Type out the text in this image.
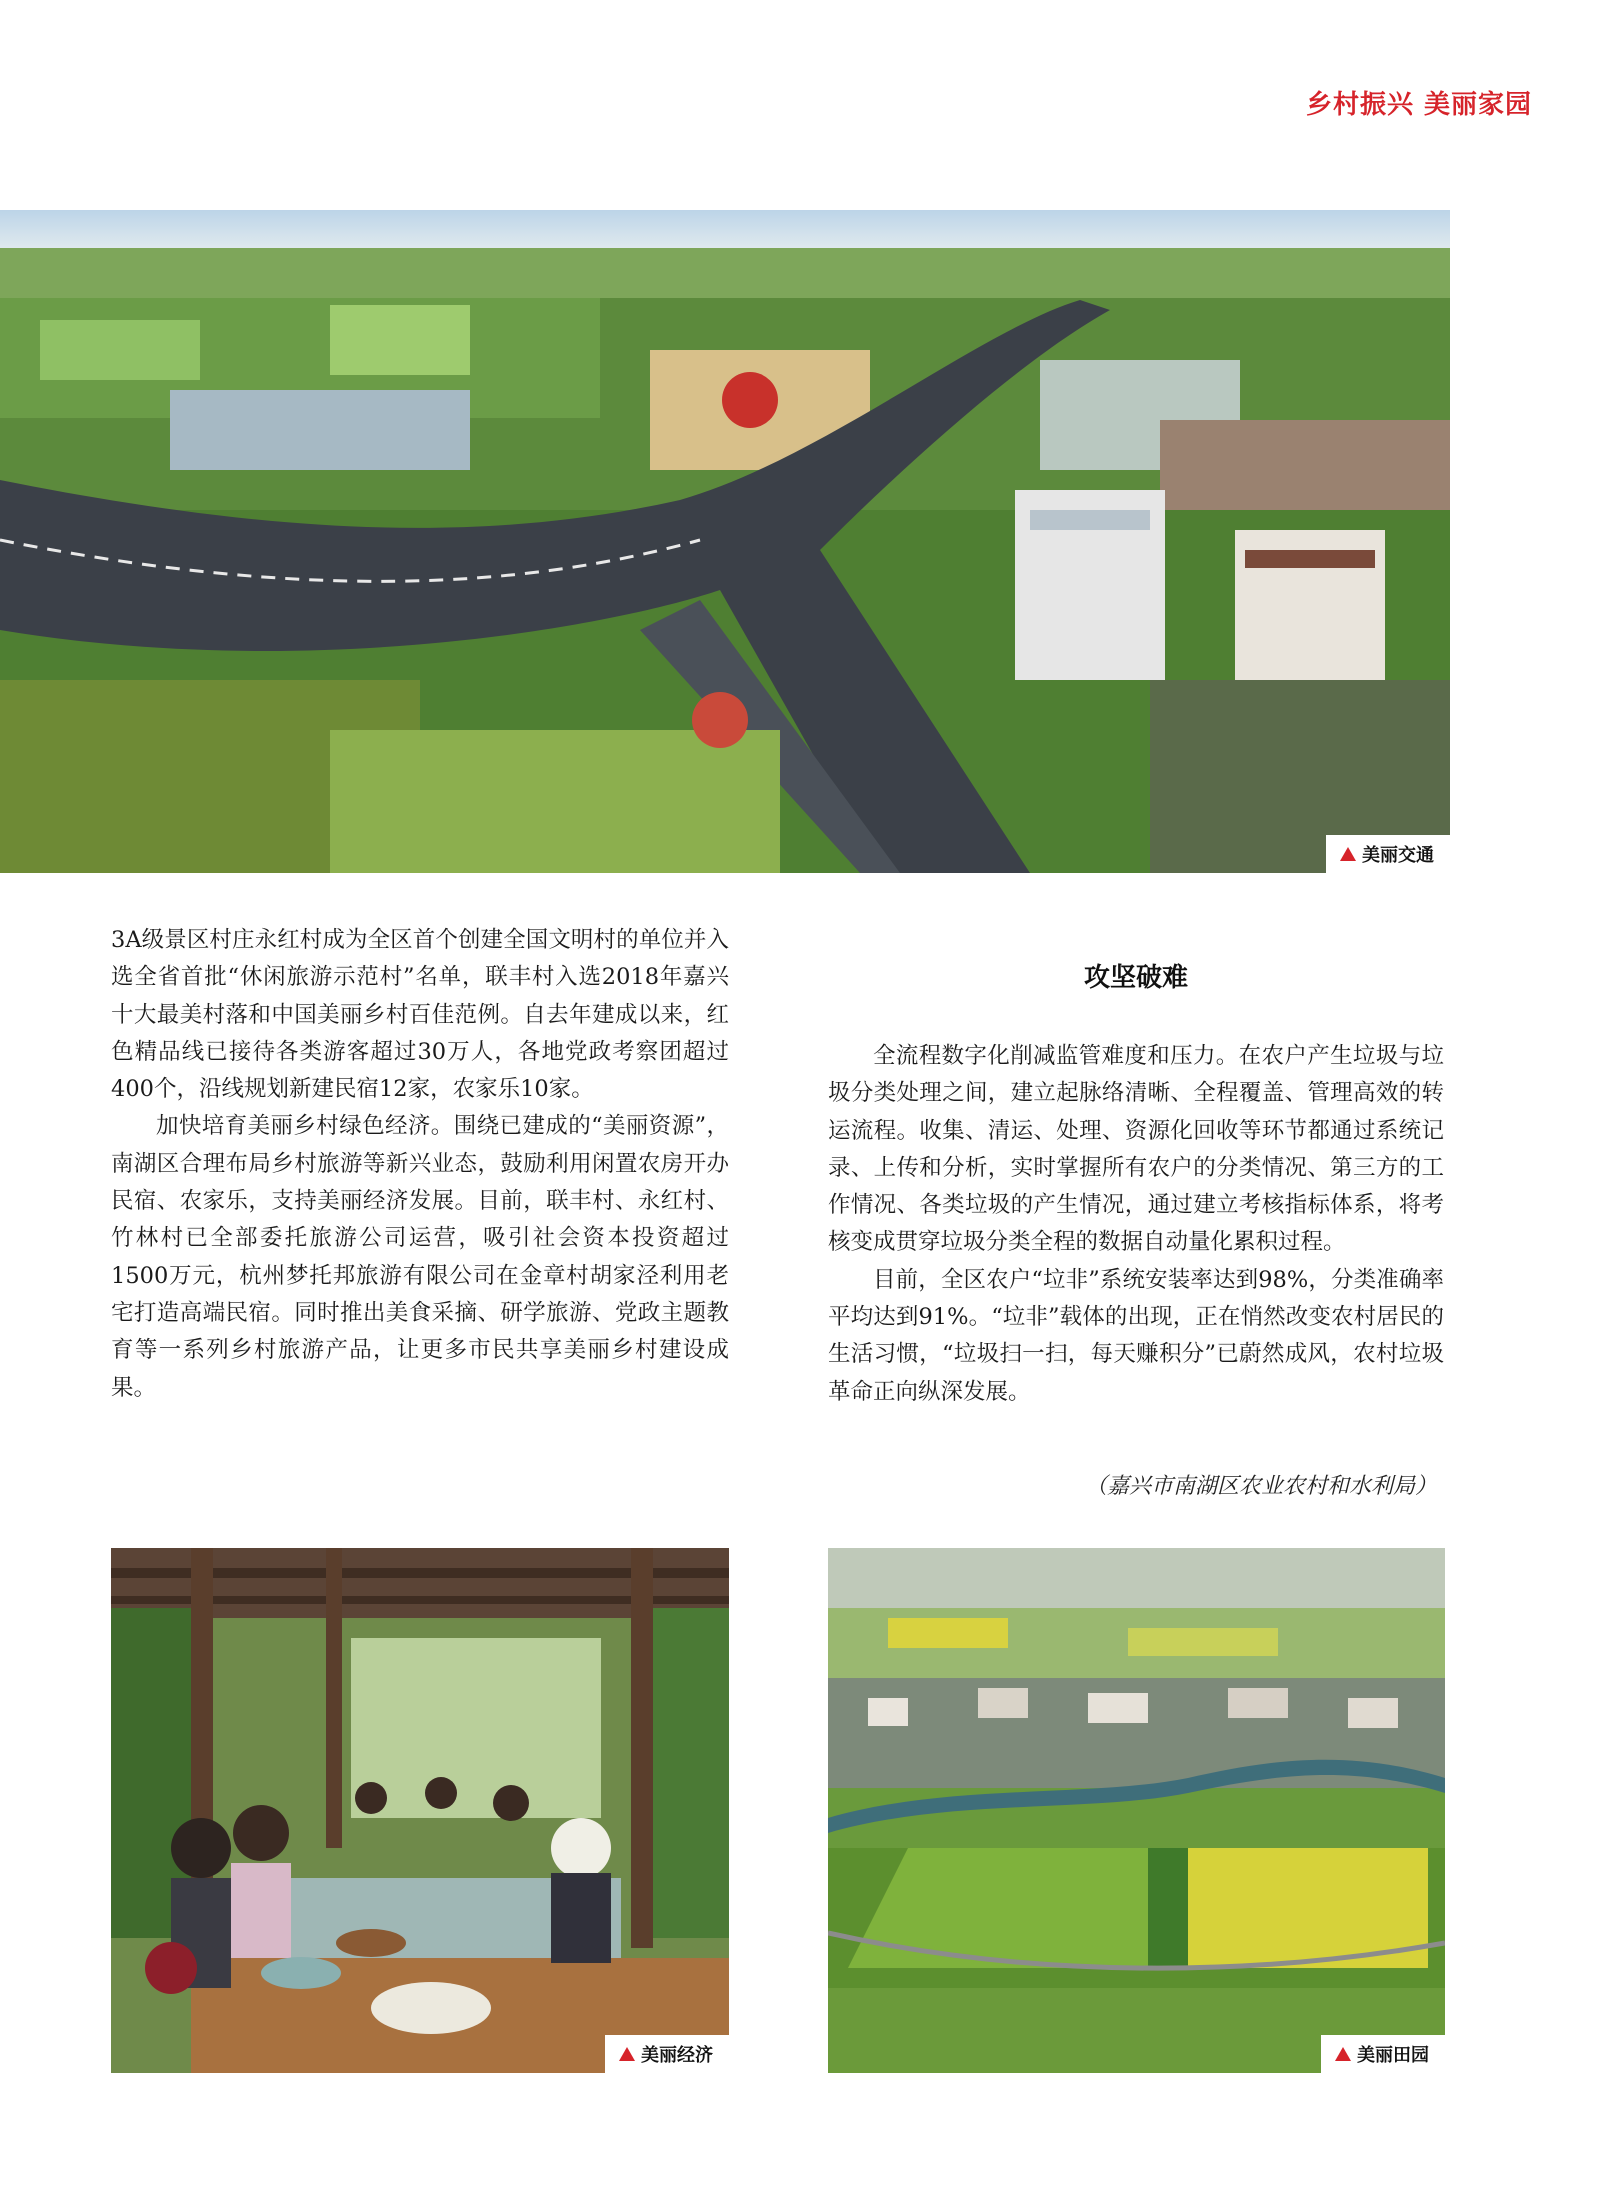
乡村振兴 美丽家园
美丽交通

3A级景区村庄永红村成为全区首个创建全国文明村的单位并入选全省首批“休闲旅游示范村”名单，联丰村入选2018年嘉兴十大最美村落和中国美丽乡村百佳范例。自去年建成以来，红色精品线已接待各类游客超过30万人，各地党政考察团超过400个，沿线规划新建民宿12家，农家乐10家。

加快培育美丽乡村绿色经济。围绕已建成的“美丽资源”，南湖区合理布局乡村旅游等新兴业态，鼓励利用闲置农房开办民宿、农家乐，支持美丽经济发展。目前，联丰村、永红村、竹林村已全部委托旅游公司运营，吸引社会资本投资超过1500万元，杭州梦托邦旅游有限公司在金章村胡家泾利用老宅打造高端民宿。同时推出美食采摘、研学旅游、党政主题教育等一系列乡村旅游产品，让更多市民共享美丽乡村建设成果。

攻坚破难

全流程数字化削减监管难度和压力。在农户产生垃圾与垃圾分类处理之间，建立起脉络清晰、全程覆盖、管理高效的转运流程。收集、清运、处理、资源化回收等环节都通过系统记录、上传和分析，实时掌握所有农户的分类情况、第三方的工作情况、各类垃圾的产生情况，通过建立考核指标体系，将考核变成贯穿垃圾分类全程的数据自动量化累积过程。

目前，全区农户“垃非”系统安装率达到98%，分类准确率平均达到91%。“垃非”载体的出现，正在悄然改变农村居民的生活习惯，“垃圾扫一扫，每天赚积分”已蔚然成风，农村垃圾革命正向纵深发展。

（嘉兴市南湖区农业农村和水利局）
美丽经济	美丽田园
